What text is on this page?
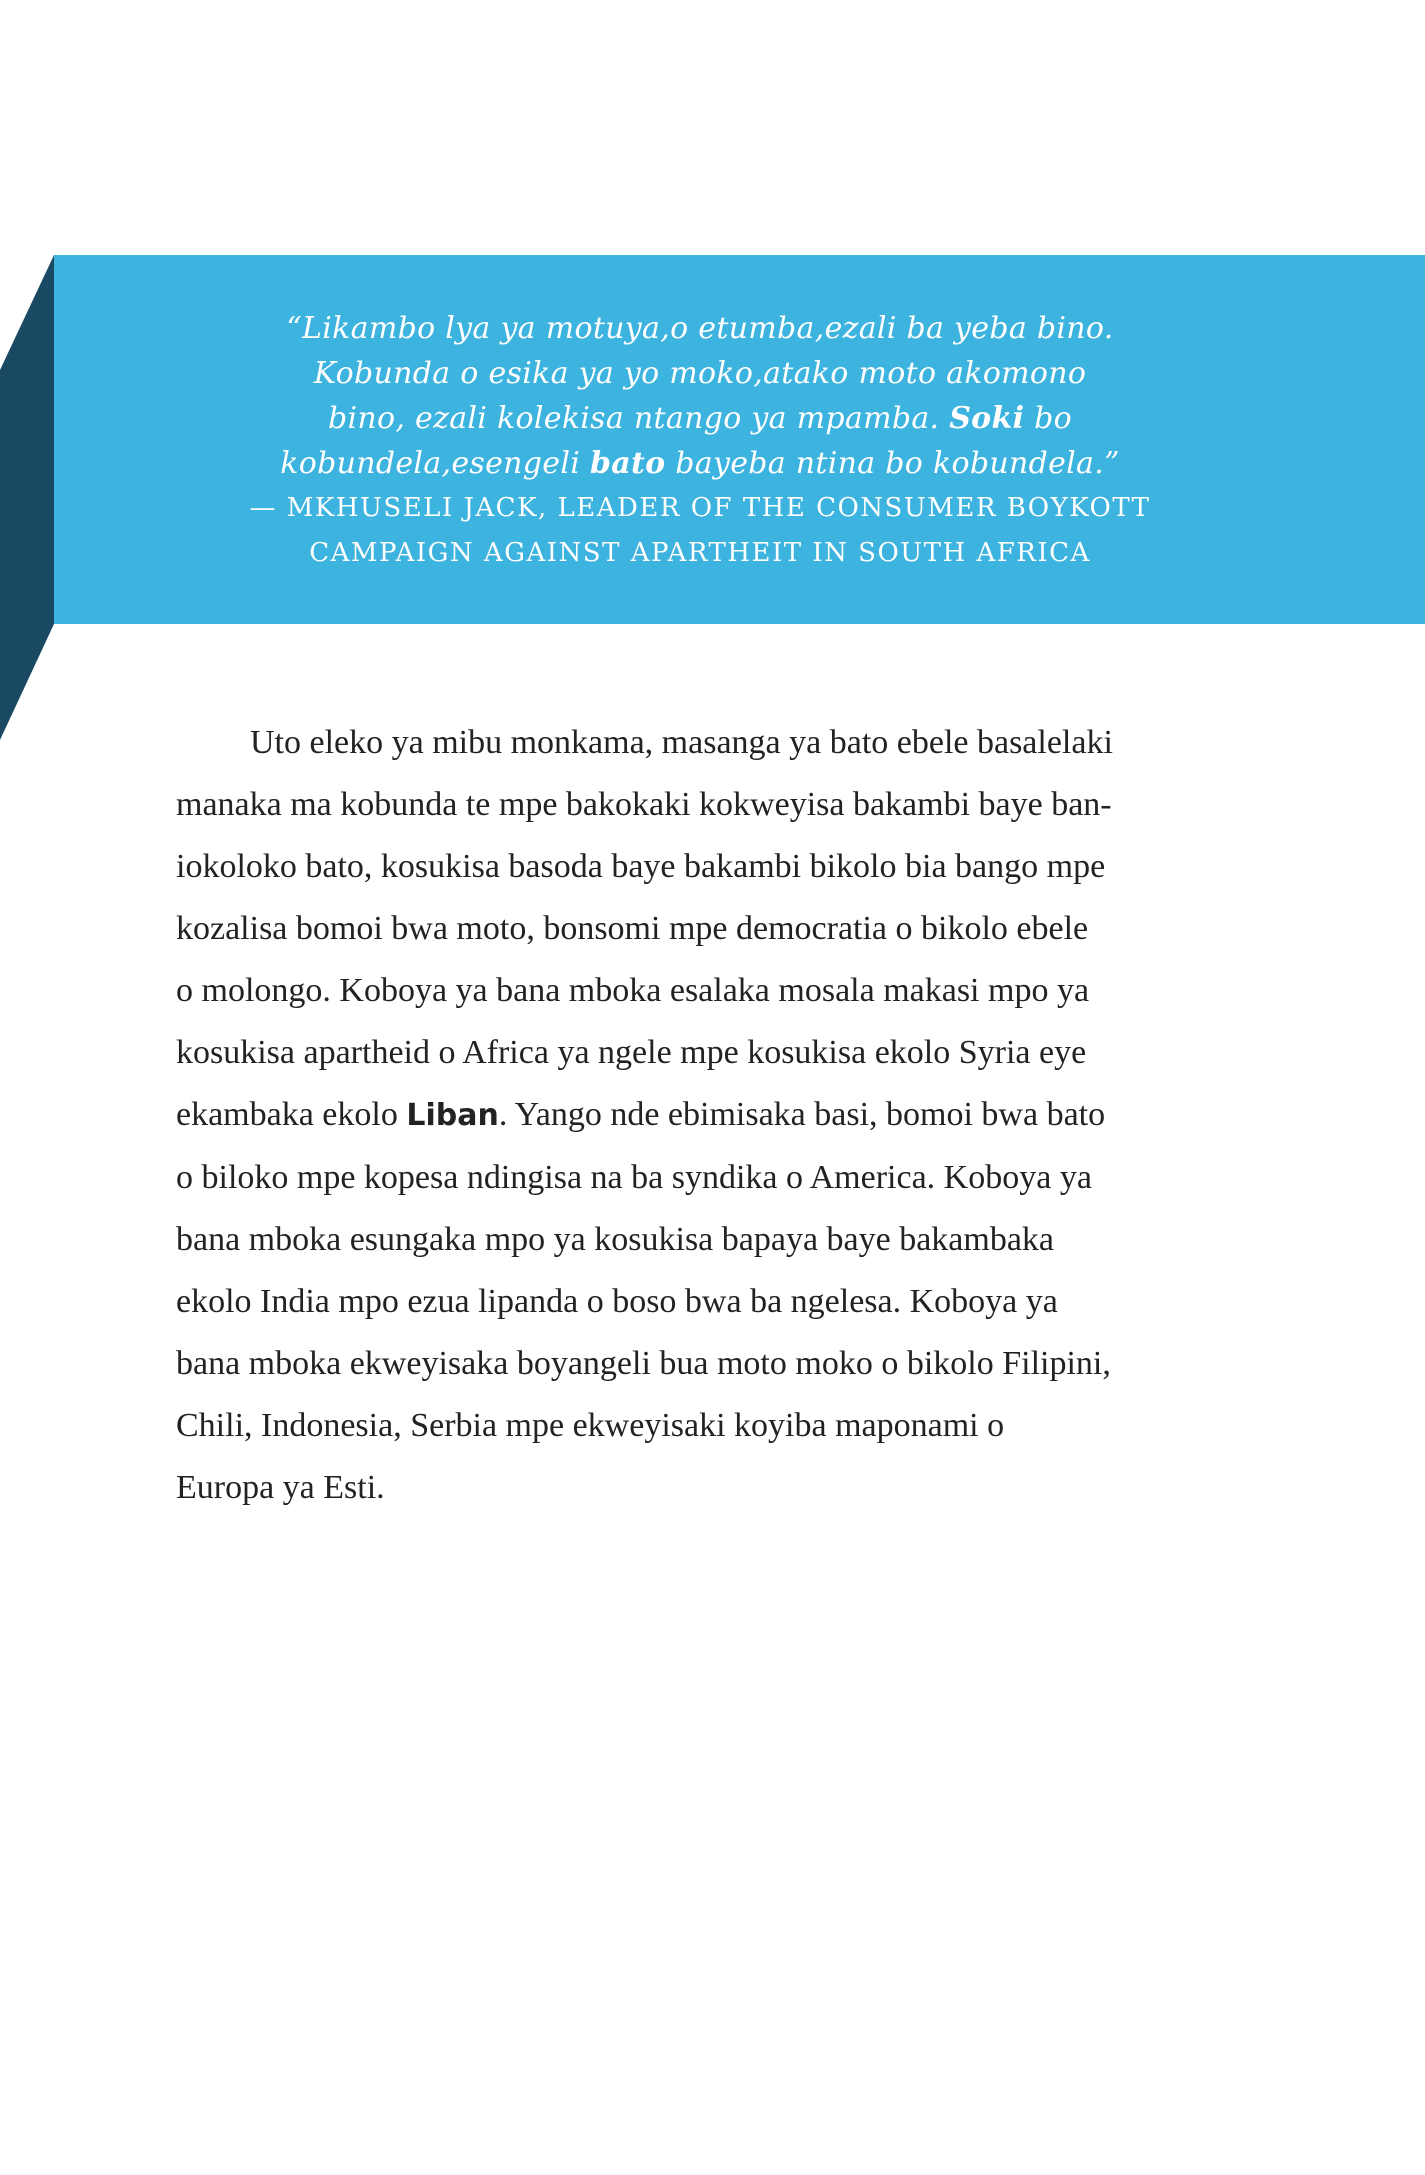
“Likambo lya ya motuya,o etumba,ezali ba yeba bino.
Kobunda o esika ya yo moko,atako moto akomono
bino, ezali kolekisa ntango ya mpamba. Soki bo
kobundela,esengeli bato bayeba ntina bo kobundela.”
— MKHUSELI JACK, LEADER OF THE CONSUMER BOYKOTT
CAMPAIGN AGAINST APARTHEIT IN SOUTH AFRICA
Uto eleko ya mibu monkama, masanga ya bato ebele basalelaki
manaka ma kobunda te mpe bakokaki kokweyisa bakambi baye ban-
iokoloko bato, kosukisa basoda baye bakambi bikolo bia bango mpe
kozalisa bomoi bwa moto, bonsomi mpe democratia o bikolo ebele
o molongo. Koboya ya bana mboka esalaka mosala makasi mpo ya
kosukisa apartheid o Africa ya ngele mpe kosukisa ekolo Syria eye
ekambaka ekolo Liban. Yango nde ebimisaka basi, bomoi bwa bato
o biloko mpe kopesa ndingisa na ba syndika o America. Koboya ya
bana mboka esungaka mpo ya kosukisa bapaya baye bakambaka
ekolo India mpo ezua lipanda o boso bwa ba ngelesa. Koboya ya
bana mboka ekweyisaka boyangeli bua moto moko o bikolo Filipini,
Chili, Indonesia, Serbia mpe ekweyisaki koyiba maponami o
Europa ya Esti.
